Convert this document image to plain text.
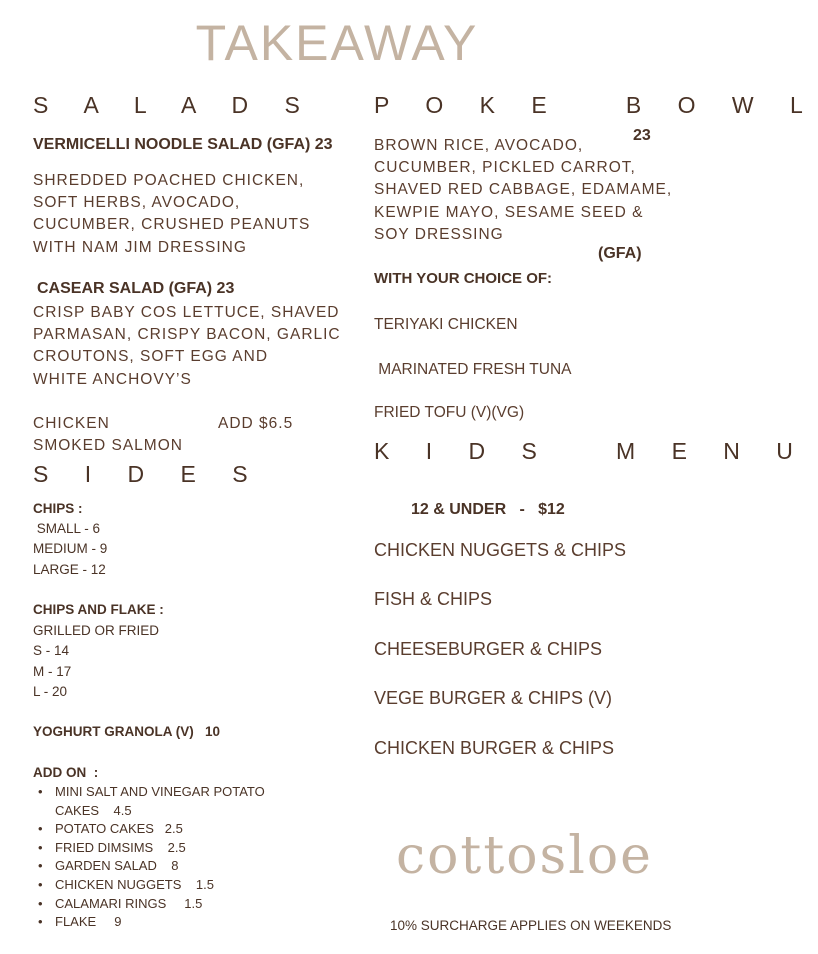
TAKEAWAY
S A L A D S
VERMICELLI NOODLE SALAD (GFA) 23
SHREDDED POACHED CHICKEN,
SOFT HERBS, AVOCADO,
CUCUMBER, CRUSHED PEANUTS
WITH NAM JIM DRESSING
CASEAR SALAD (GFA) 23
CRISP BABY COS LETTUCE, SHAVED
PARMASAN, CRISPY BACON, GARLIC
CROUTONS, SOFT EGG AND
WHITE ANCHOVY’S
CHICKEN	ADD $6.5
SMOKED SALMON
S I D E S
CHIPS :
SMALL - 6
MEDIUM - 9
LARGE - 12
CHIPS AND FLAKE :
GRILLED OR FRIED
S - 14
M - 17
L - 20
YOGHURT GRANOLA (V)   10
ADD ON  :
• MINI SALT AND VINEGAR POTATO CAKES    4.5
• POTATO CAKES   2.5
• FRIED DIMSIMS    2.5
• GARDEN SALAD    8
• CHICKEN NUGGETS    1.5
• CALAMARI RINGS     1.5
• FLAKE     9
P O K E   B O W L
23
BROWN RICE, AVOCADO,
CUCUMBER, PICKLED CARROT,
SHAVED RED CABBAGE, EDAMAME,
KEWPIE MAYO, SESAME SEED &
SOY DRESSING
(GFA)
WITH YOUR CHOICE OF:
TERIYAKI CHICKEN
MARINATED FRESH TUNA
FRIED TOFU (V)(VG)
K I D S   M E N U
12 & UNDER   -   $12
CHICKEN NUGGETS & CHIPS
FISH & CHIPS
CHEESEBURGER & CHIPS
VEGE BURGER & CHIPS (V)
CHICKEN BURGER & CHIPS
cottosloe
10% SURCHARGE APPLIES ON WEEKENDS
